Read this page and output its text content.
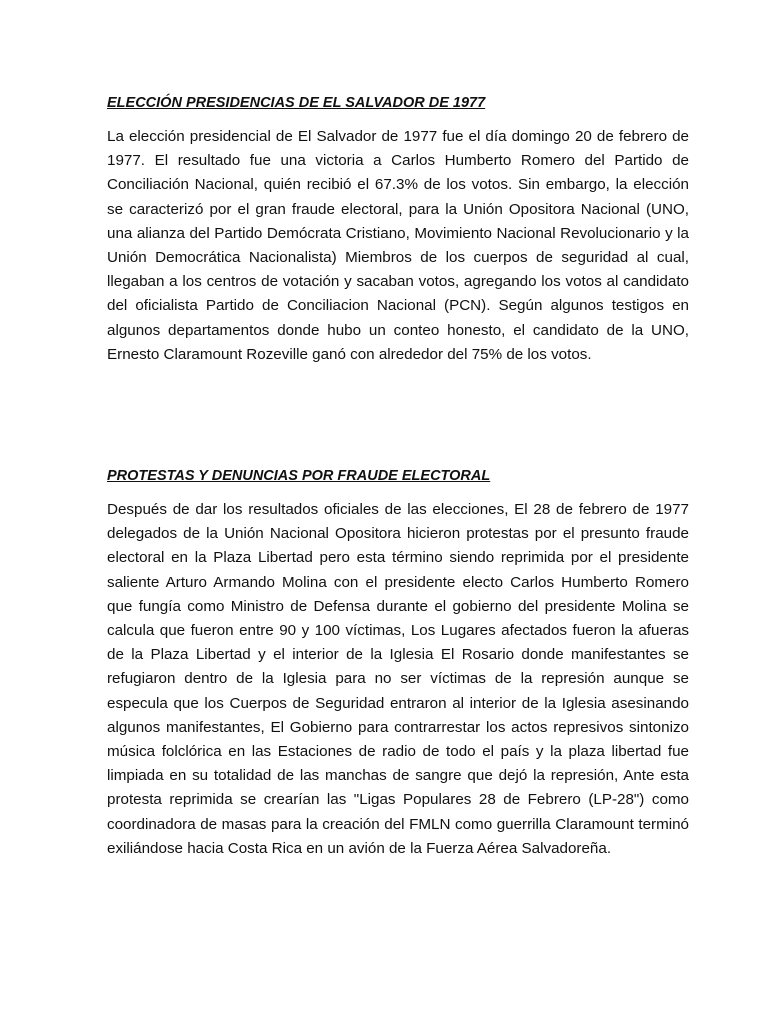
ELECCIÓN PRESIDENCIAS DE EL SALVADOR DE 1977

La elección presidencial de El Salvador de 1977 fue el día domingo 20 de febrero de 1977. El resultado fue una victoria a Carlos Humberto Romero del Partido de Conciliación Nacional, quién recibió el 67.3% de los votos. Sin embargo, la elección se caracterizó por el gran fraude electoral, para la Unión Opositora Nacional (UNO, una alianza del Partido Demócrata Cristiano, Movimiento Nacional Revolucionario y la Unión Democrática Nacionalista) Miembros de los cuerpos de seguridad al cual, llegaban a los centros de votación y sacaban votos, agregando los votos al candidato del oficialista Partido de Conciliacion Nacional (PCN). Según algunos testigos en algunos departamentos donde hubo un conteo honesto, el candidato de la UNO, Ernesto Claramount Rozeville ganó con alrededor del 75% de los votos.

PROTESTAS Y DENUNCIAS POR FRAUDE ELECTORAL

Después de dar los resultados oficiales de las elecciones, El 28 de febrero de 1977 delegados de la Unión Nacional Opositora hicieron protestas por el presunto fraude electoral en la Plaza Libertad pero esta término siendo reprimida por el presidente saliente Arturo Armando Molina con el presidente electo Carlos Humberto Romero que fungía como Ministro de Defensa durante el gobierno del presidente Molina se calcula que fueron entre 90 y 100 víctimas, Los Lugares afectados fueron la afueras de la Plaza Libertad y el interior de la Iglesia El Rosario donde manifestantes se refugiaron dentro de la Iglesia para no ser víctimas de la represión aunque se especula que los Cuerpos de Seguridad entraron al interior de la Iglesia asesinando algunos manifestantes, El Gobierno para contrarrestar los actos represivos sintonizo música folclórica en las Estaciones de radio de todo el país y la plaza libertad fue limpiada en su totalidad de las manchas de sangre que dejó la represión, Ante esta protesta reprimida se crearían las "Ligas Populares 28 de Febrero (LP-28") como coordinadora de masas para la creación del FMLN como guerrilla Claramount terminó exiliándose hacia Costa Rica en un avión de la Fuerza Aérea Salvadoreña.
